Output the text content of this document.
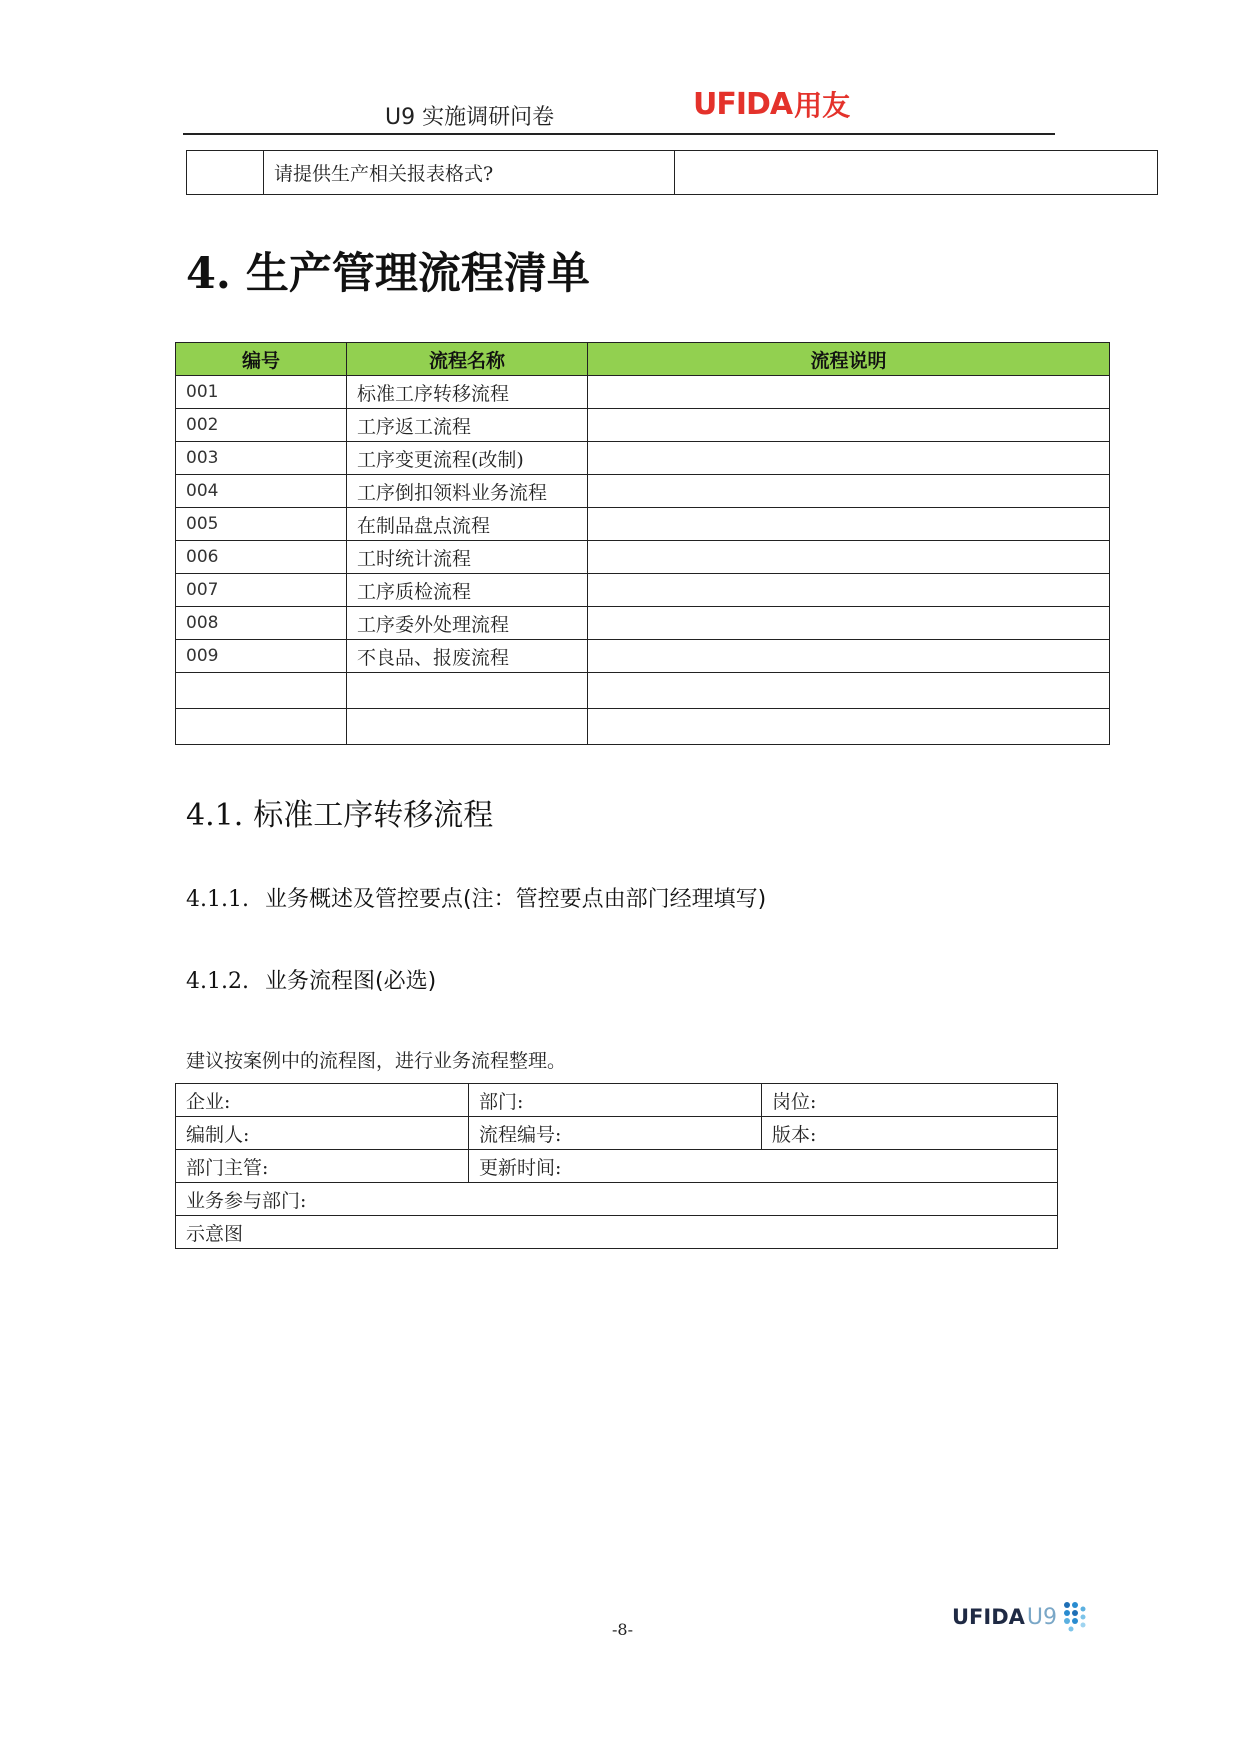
U9 实施调研问卷	UFIDA 用友
	请提供生产相关报表格式?	
4. 生产管理流程清单
编号	流程名称	流程说明
001	标准工序转移流程	
002	工序返工流程	
003	工序变更流程(改制)	
004	工序倒扣领料业务流程	
005	在制品盘点流程	
006	工时统计流程	
007	工序质检流程	
008	工序委外处理流程	
009	不良品、报废流程	

4.1. 标准工序转移流程
4.1.1. 业务概述及管控要点(注：管控要点由部门经理填写)
4.1.2. 业务流程图(必选)
建议按案例中的流程图，进行业务流程整理。
企业:	部门:	岗位:
编制人:	流程编号:	版本:
部门主管:	更新时间:	
业务参与部门:		
示意图		
-8-
UFIDA U9
